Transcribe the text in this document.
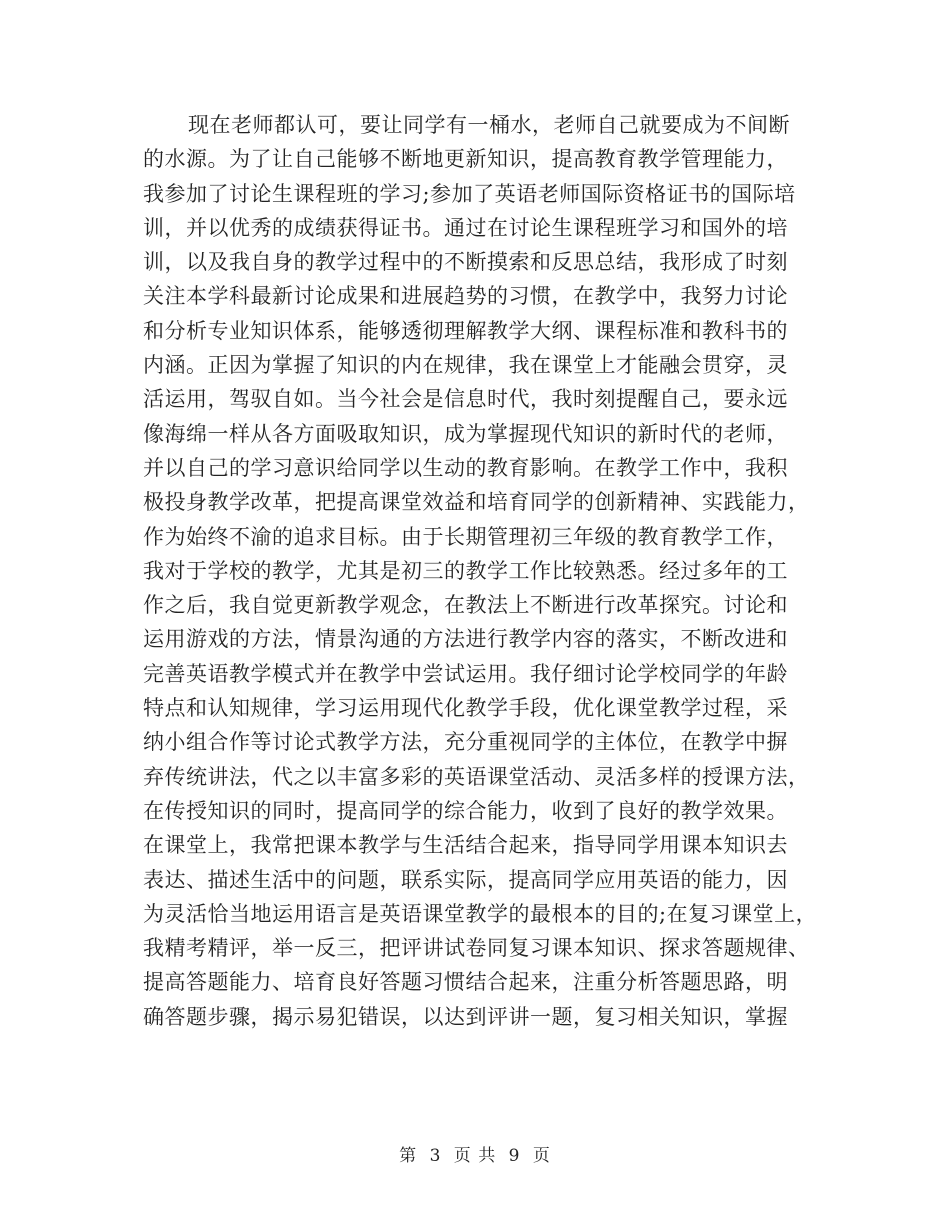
现在老师都认可，要让同学有一桶水，老师自己就要成为不间断
的水源。为了让自己能够不断地更新知识，提高教育教学管理能力，
我参加了讨论生课程班的学习;参加了英语老师国际资格证书的国际培
训，并以优秀的成绩获得证书。通过在讨论生课程班学习和国外的培
训，以及我自身的教学过程中的不断摸索和反思总结，我形成了时刻
关注本学科最新讨论成果和进展趋势的习惯，在教学中，我努力讨论
和分析专业知识体系，能够透彻理解教学大纲、课程标准和教科书的
内涵。正因为掌握了知识的内在规律，我在课堂上才能融会贯穿，灵
活运用，驾驭自如。当今社会是信息时代，我时刻提醒自己，要永远
像海绵一样从各方面吸取知识，成为掌握现代知识的新时代的老师，
并以自己的学习意识给同学以生动的教育影响。在教学工作中，我积
极投身教学改革，把提高课堂效益和培育同学的创新精神、实践能力，
作为始终不渝的追求目标。由于长期管理初三年级的教育教学工作，
我对于学校的教学，尤其是初三的教学工作比较熟悉。经过多年的工
作之后，我自觉更新教学观念，在教法上不断进行改革探究。讨论和
运用游戏的方法，情景沟通的方法进行教学内容的落实，不断改进和
完善英语教学模式并在教学中尝试运用。我仔细讨论学校同学的年龄
特点和认知规律，学习运用现代化教学手段，优化课堂教学过程，采
纳小组合作等讨论式教学方法，充分重视同学的主体位，在教学中摒
弃传统讲法，代之以丰富多彩的英语课堂活动、灵活多样的授课方法，
在传授知识的同时，提高同学的综合能力，收到了良好的教学效果。
在课堂上，我常把课本教学与生活结合起来，指导同学用课本知识去
表达、描述生活中的问题，联系实际，提高同学应用英语的能力，因
为灵活恰当地运用语言是英语课堂教学的最根本的目的;在复习课堂上，
我精考精评，举一反三，把评讲试卷同复习课本知识、探求答题规律、
提高答题能力、培育良好答题习惯结合起来，注重分析答题思路，明
确答题步骤，揭示易犯错误，以达到评讲一题，复习相关知识，掌握
第 3 页 共 9 页
